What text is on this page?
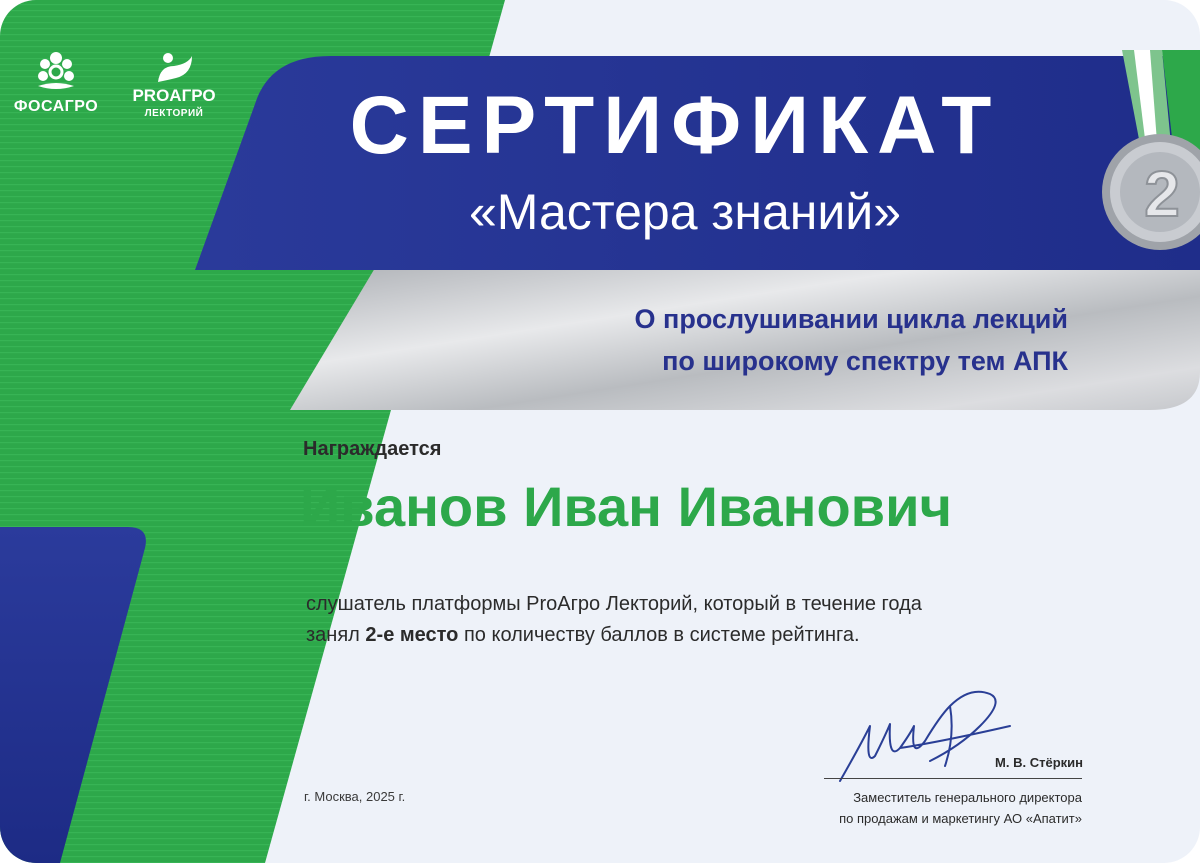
ФОСАГРО
PROАГРО
ЛЕКТОРИЙ
2
СЕРТИФИКАТ
«Мастера знаний»
О прослушивании цикла лекций
по широкому спектру тем АПК
Награждается
Иванов Иван Иванович
слушатель платформы ProАгро Лекторий, который в течение года
занял 2-е место по количеству баллов в системе рейтинга.
г. Москва, 2025 г.
М. В. Стёркин
Заместитель генерального директора
по продажам и маркетингу АО «Апатит»
